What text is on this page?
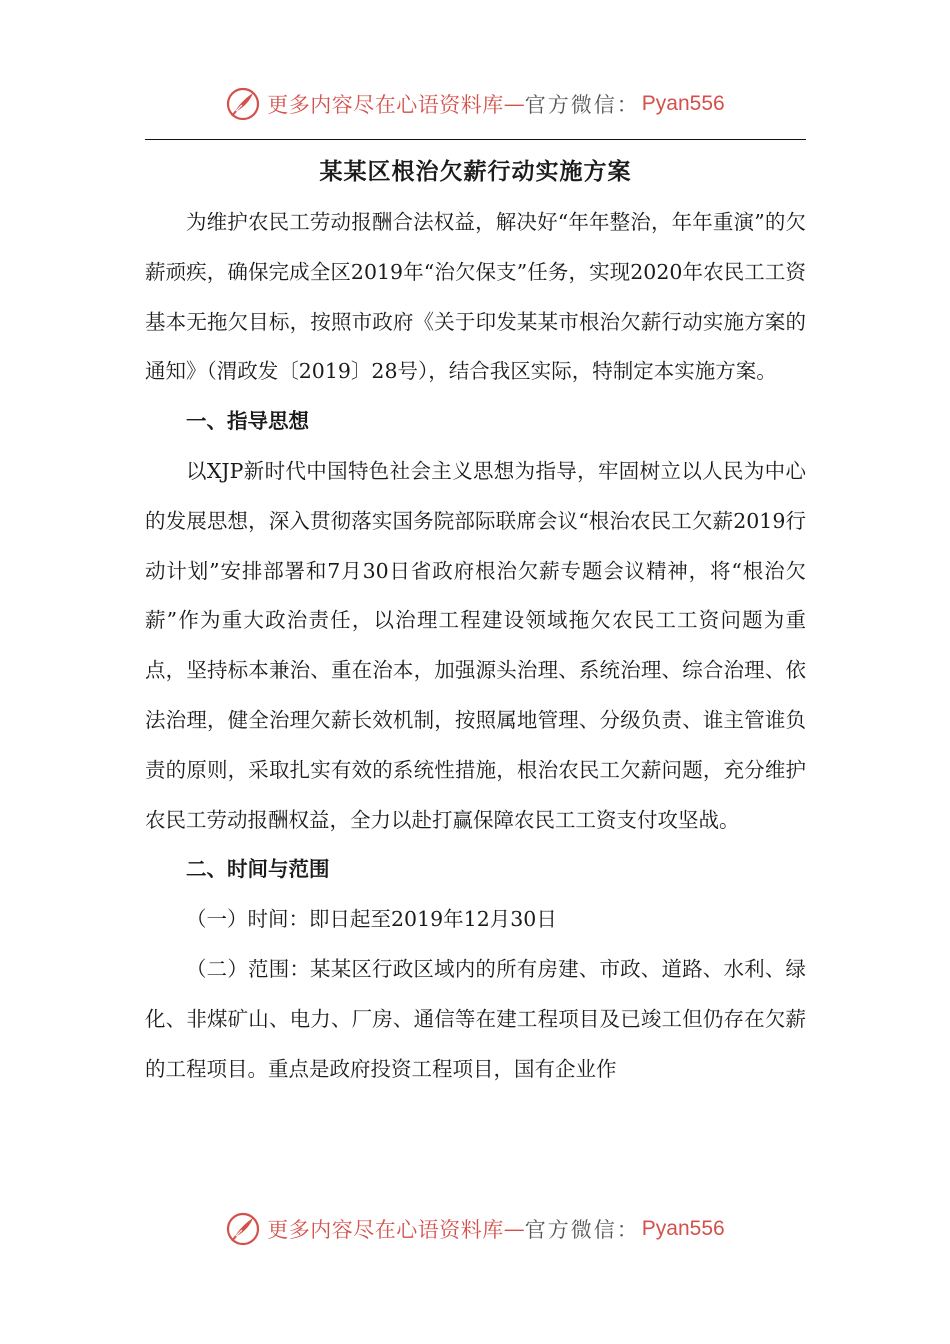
更多内容尽在心语资料库 — 官方微信： Pyan556
某某区根治欠薪行动实施方案

为维护农民工劳动报酬合法权益，解决好“年年整治，年年重演”的欠薪顽疾，确保完成全区2019年“治欠保支”任务，实现2020年农民工工资基本无拖欠目标，按照市政府《关于印发某某市根治欠薪行动实施方案的通知》（渭政发〔2019〕28号），结合我区实际，特制定本实施方案。

一、指导思想

以XJP新时代中国特色社会主义思想为指导，牢固树立以人民为中心的发展思想，深入贯彻落实国务院部际联席会议“根治农民工欠薪2019行动计划”安排部署和7月30日省政府根治欠薪专题会议精神，将“根治欠薪”作为重大政治责任，以治理工程建设领域拖欠农民工工资问题为重点，坚持标本兼治、重在治本，加强源头治理、系统治理、综合治理、依法治理，健全治理欠薪长效机制，按照属地管理、分级负责、谁主管谁负责的原则，采取扎实有效的系统性措施，根治农民工欠薪问题，充分维护农民工劳动报酬权益，全力以赴打赢保障农民工工资支付攻坚战。

二、时间与范围

（一）时间：即日起至2019年12月30日

（二）范围：某某区行政区域内的所有房建、市政、道路、水利、绿化、非煤矿山、电力、厂房、通信等在建工程项目及已竣工但仍存在欠薪的工程项目。重点是政府投资工程项目，国有企业作

更多内容尽在心语资料库 — 官方微信： Pyan556
